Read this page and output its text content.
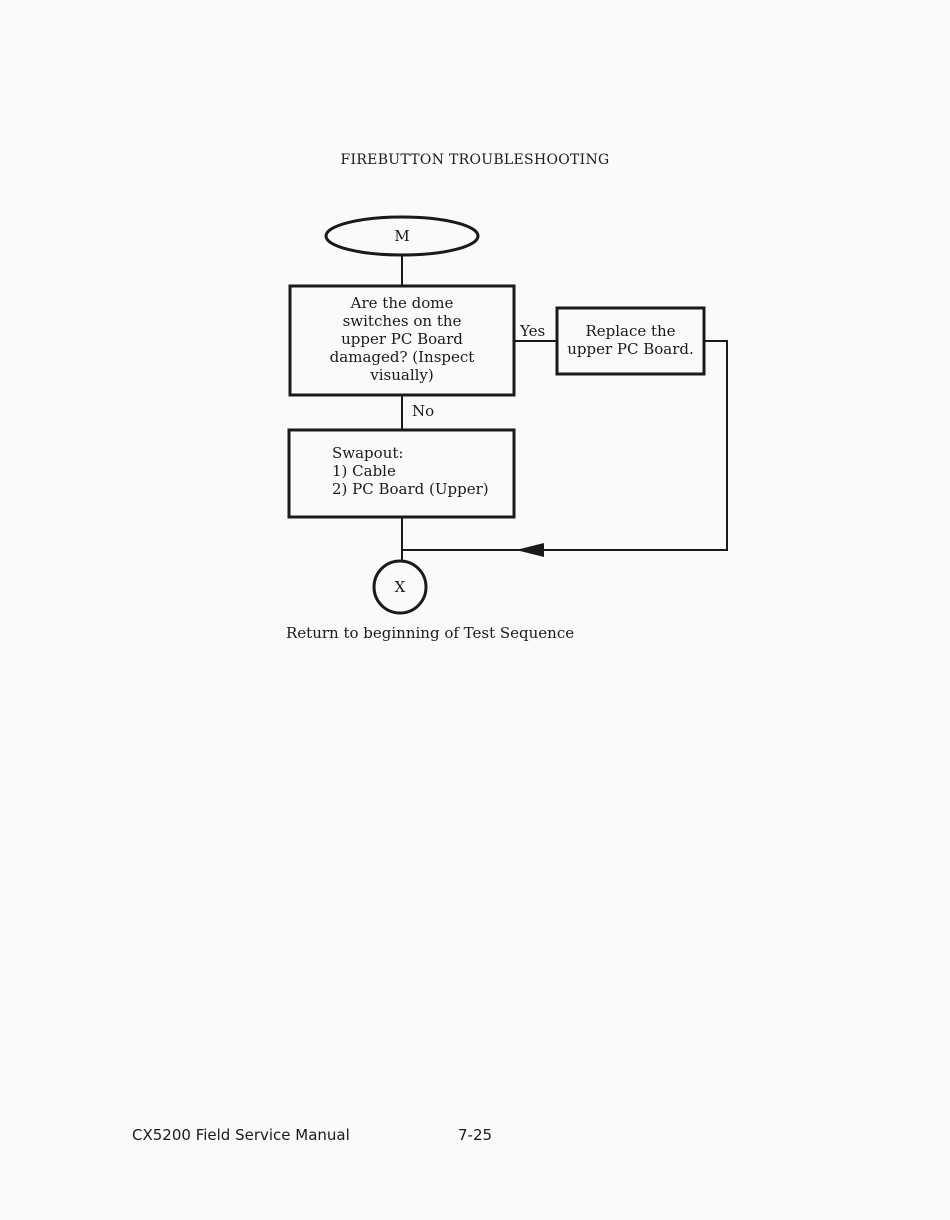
FIREBUTTON TROUBLESHOOTING
M
Are the dome
switches on the
upper PC Board
damaged? (Inspect
visually)
Yes	Replace the
upper PC Board.
No
Swapout:
1) Cable
2) PC Board (Upper)
X
Return to beginning of Test Sequence
CX5200 Field Service Manual	7-25
